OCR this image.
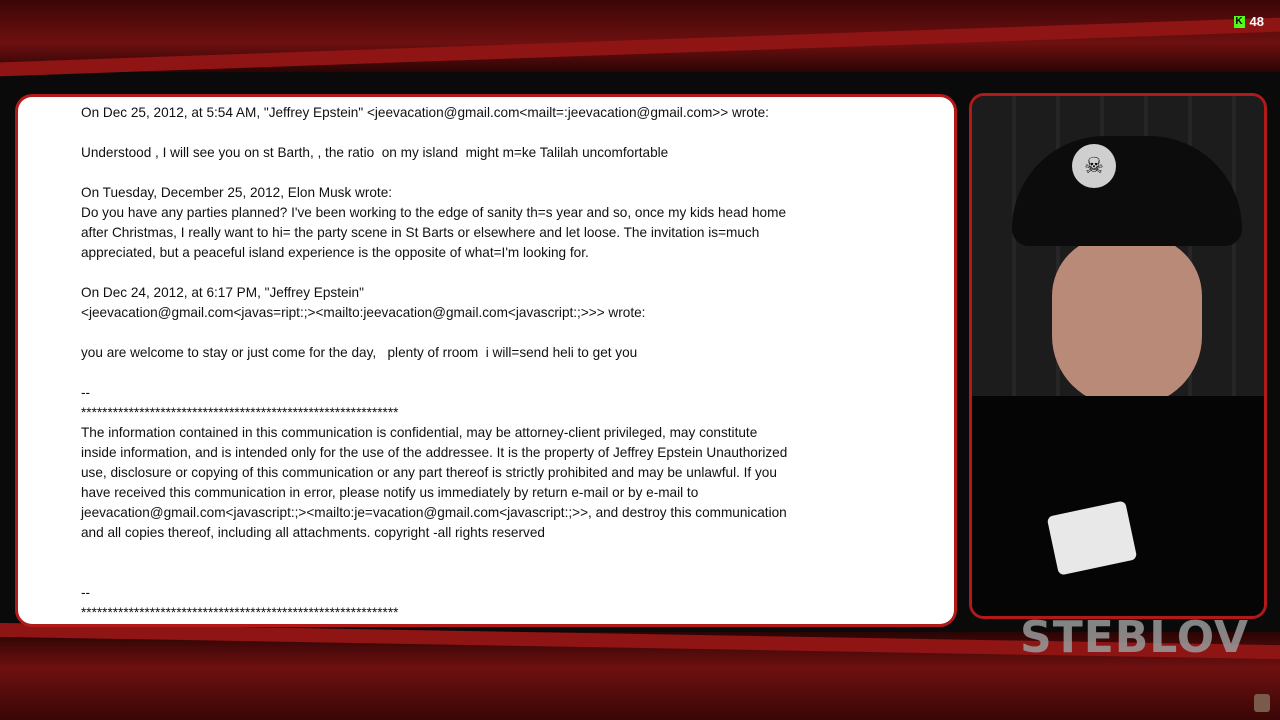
K 48

On Dec 25, 2012, at 5:54 AM, "Jeffrey Epstein" <jeevacation@gmail.com<mailt=:jeevacation@gmail.com>> wrote:

Understood , I will see you on st Barth, , the ratio  on my island  might m=ke Talilah uncomfortable

On Tuesday, December 25, 2012, Elon Musk wrote:

Do you have any parties planned? I've been working to the edge of sanity th=s year and so, once my kids head home

after Christmas, I really want to hi= the party scene in St Barts or elsewhere and let loose. The invitation is=much

appreciated, but a peaceful island experience is the opposite of what=I'm looking for.

On Dec 24, 2012, at 6:17 PM, "Jeffrey Epstein"

<jeevacation@gmail.com<javas=ript:;><mailto:jeevacation@gmail.com<javascript:;>>> wrote:

you are welcome to stay or just come for the day,   plenty of rroom  i will=send heli to get you

--

************************************************************

The information contained in this communication is confidential, may be attorney-client privileged, may constitute

inside information, and is intended only for the use of the addressee. It is the property of Jeffrey Epstein Unauthorized

use, disclosure or copying of this communication or any part thereof is strictly prohibited and may be unlawful. If you

have received this communication in error, please notify us immediately by return e-mail or by e-mail to

jeevacation@gmail.com<javascript:;><mailto:je=vacation@gmail.com<javascript:;>>, and destroy this communication

and all copies thereof, including all attachments. copyright -all rights reserved

--

************************************************************

☠
STEBLOV
